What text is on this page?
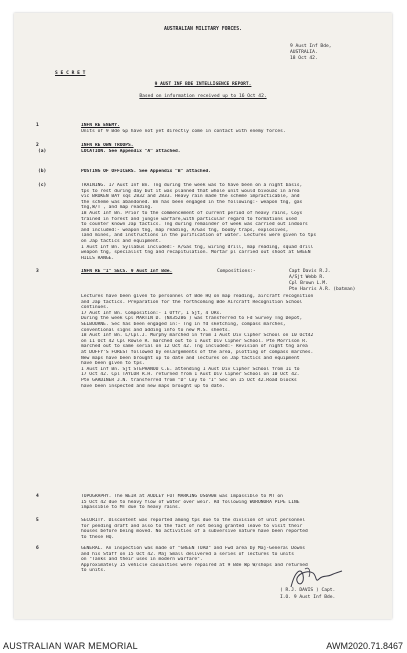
AUSTRALIAN MILITARY FORCES.
9 Aust Inf Bde,
AUSTRALIA.
18 Oct 42.
S E C R E T
9 AUST INF BDE INTELLIGENCE REPORT.
Based on information received up to 16 Oct 42.
1	INFN RE ENEMY.
Units of 9 Bde Gp have not yet directly come in contact with enemy forces.
2	INFN RE OWN TROOPS.
(a)	LOCATION. See Appendix "A" attached.
(b)	POSTING OF OFFICERS. See Appendix "B" attached.
(c)	TRAINING. 17 Aust Inf Bn. Tng during the week was to have been on a night basis,
tps to rest during day but it was planned that whole unit would bivouac in area
vic BROKEN BAY sqs 2832 and 2833. Heavy rain made the scheme impracticable, and
the scheme was abandoned. Bn has been engaged in the following:- weapon tng, gas
tng,W/T , and map reading.
18 Aust Inf Bn. Prior to the commencement of current period of heavy rains, Coys
trained in forest and jungle warfare,with particular regard to formations used
to counter known Jap tactics. Tng during remainder of week was carried out indoors
and included:- weapon tng, map reading, A/Gas tng, booby traps, explosives,
land mines, and instructions in the purification of water. Lectures were given to tps
on Jap tactics and equipment.
1 Aust Inf Bn. Syllabus included:- A/Gas tng, wiring drill, map reading, squad drill
weapon tng, specialist tng and recapitulation. Mortar pl carried out shoot at GREEN
HILLS RANGE.
3	INFN RE "I" SECS. 9 Aust Inf Bde.	Compositions:-	Capt Davis R.J.
A/Sjt Webb R.
Cpl Brown L.M.
Pte Harris A.R. (batman)
Lectures have been given to personnel of Bde HQ on map reading, aircraft recognition
and Jap tactics. Preparation for the forthcoming Bde Aircraft Recognition School
continues.
17 Aust Inf Bn. Composition:- 1 Offr, 1 Sjt, 4 ORs.
During the week Cpl MARTIN D. (NX35286 ) was transferred to Fd Survey Tng Depot,
SELBOURNE. Sec has been engaged in:- Tng in fd sketching, compass marches,
conventional signs and adding info to new M.S. sheets.
18 Aust Inf Bn. L/Cpl.J. Murphy marched in from 1 Aust Div Cipher School on 10 Oct42
on 11 Oct 42 Cpl Rowle R. marched out to 1 Aust Div Cipher School. Pte Morrison R.
marched out to same serial on 12 Oct 42. Tng included:- Revision of night tng area
at DUFFY'S FOREST followed by enlargements of the area, plotting of compass marches.
New maps have been brought up to date and lectures on Jap tactics and equipment
have been given to tps.
1 Aust Inf Bn. Sjt STEPHANOU C.E. attending 1 Aust Div Cipher School from 11 to
17 Oct 42. Cpl TAYLOR R.H. returned from 1 Aust Div Cipher School on 10 Oct 42.
Pte GARDINER J.N. transferred from "D" Coy to "I" Sec on 15 Oct 42.Road blocks
have been inspected and new maps brought up to date.
4	TOPOGRAPHY. The WEIR at AUDLEY FOT MARKING OS6908 was impassible to MT on
15 Oct 42 due to heavy flow of water over weir. Rd following WORONORA PIPE LINE
impassible to MT due to heavy rains.
5	SECURITY. Discontent was reported among tps due to the division of unit personnel
for pending draft and also to the fact of not being granted leave to visit their
houses before being moved. No activities of a subversive nature have been reported
to these HQ.
6	GENERAL. An inspection was made of "GREEN TOAD" and Fwd area by Maj-General Downs
and his Staff on 15 Oct 42. Maj Small delivered a series of lectures to units
on "Tanks and their uses in modern warfare".
Approximately 15 vehicle casualties were repaired at 9 Bde Wp W/shops and returned
to units.
( R.J. DAVIS ) Capt.
I.O. 9 Aust Inf Bde.
AUSTRALIAN WAR MEMORIAL	AWM2020.71.8467
